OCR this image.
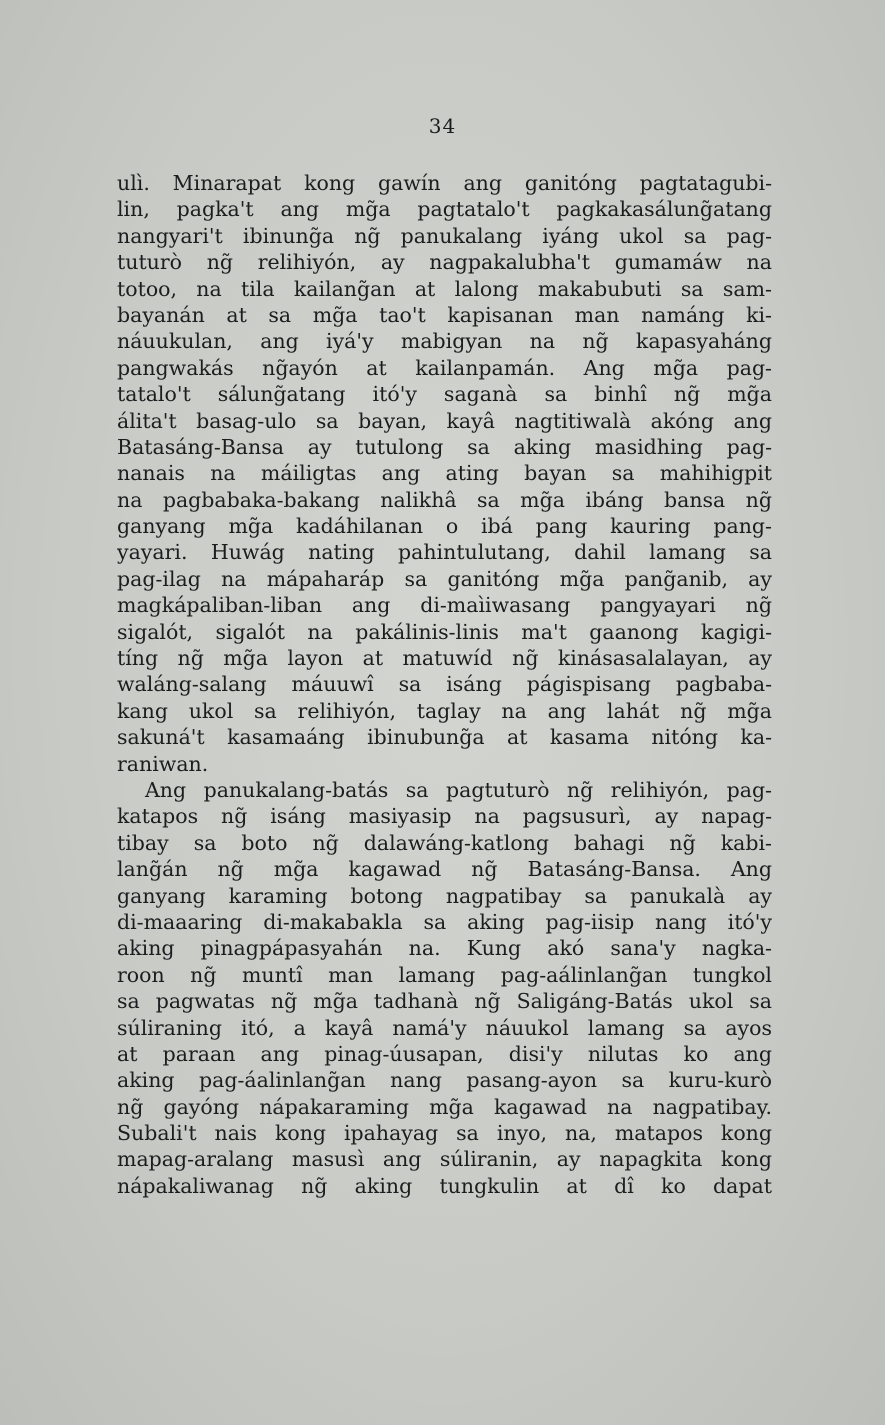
34
ulì. Minarapat kong gawín ang ganitóng pagtatagubi-
lin, pagka't ang mg̃a pagtatalo't pagkakasálung̃atang
nangyari't ibinung̃a ng̃ panukalang iyáng ukol sa pag-
tuturò ng̃ relihiyón, ay nagpakalubha't gumamáw na
totoo, na tila kailang̃an at lalong makabubuti sa sam-
bayanán at sa mg̃a tao't kapisanan man namáng ki-
náuukulan, ang iyá'y mabigyan na ng̃ kapasyaháng
pangwakás ng̃ayón at kailanpamán. Ang mg̃a pag-
tatalo't sálung̃atang itó'y saganà sa binhî ng̃ mg̃a
álita't basag-ulo sa bayan, kayâ nagtitiwalà akóng ang
Batasáng-Bansa ay tutulong sa aking masidhing pag-
nanais na máiligtas ang ating bayan sa mahihigpit
na pagbabaka-bakang nalikhâ sa mg̃a ibáng bansa ng̃
ganyang mg̃a kadáhilanan o ibá pang kauring pang-
yayari. Huwág nating pahintulutang, dahil lamang sa
pag-ilag na mápaharáp sa ganitóng mg̃a pang̃anib, ay
magkápaliban-liban ang di-maìiwasang pangyayari ng̃
sigalót, sigalót na pakálinis-linis ma't gaanong kagigi-
tíng ng̃ mg̃a layon at matuwíd ng̃ kinásasalalayan, ay
waláng-salang máuuwî sa isáng págispisang pagbaba-
kang ukol sa relihiyón, taglay na ang lahát ng̃ mg̃a
sakuná't kasamaáng ibinubung̃a at kasama nitóng ka-
raniwan.
Ang panukalang-batás sa pagtuturò ng̃ relihiyón, pag-
katapos ng̃ isáng masiyasip na pagsusurì, ay napag-
tibay sa boto ng̃ dalawáng-katlong bahagi ng̃ kabi-
lang̃án ng̃ mg̃a kagawad ng̃ Batasáng-Bansa. Ang
ganyang karaming botong nagpatibay sa panukalà ay
di-maaaring di-makabakla sa aking pag-iisip nang itó'y
aking pinagpápasyahán na. Kung akó sana'y nagka-
roon ng̃ muntî man lamang pag-aálinlang̃an tungkol
sa pagwatas ng̃ mg̃a tadhanà ng̃ Saligáng-Batás ukol sa
súliraning itó, a kayâ namá'y náuukol lamang sa ayos
at paraan ang pinag-úusapan, disi'y nilutas ko ang
aking pag-áalinlang̃an nang pasang-ayon sa kuru-kurò
ng̃ gayóng nápakaraming mg̃a kagawad na nagpatibay.
Subali't nais kong ipahayag sa inyo, na, matapos kong
mapag-aralang masusì ang súliranin, ay napagkita kong
nápakaliwanag ng̃ aking tungkulin at dî ko dapat
